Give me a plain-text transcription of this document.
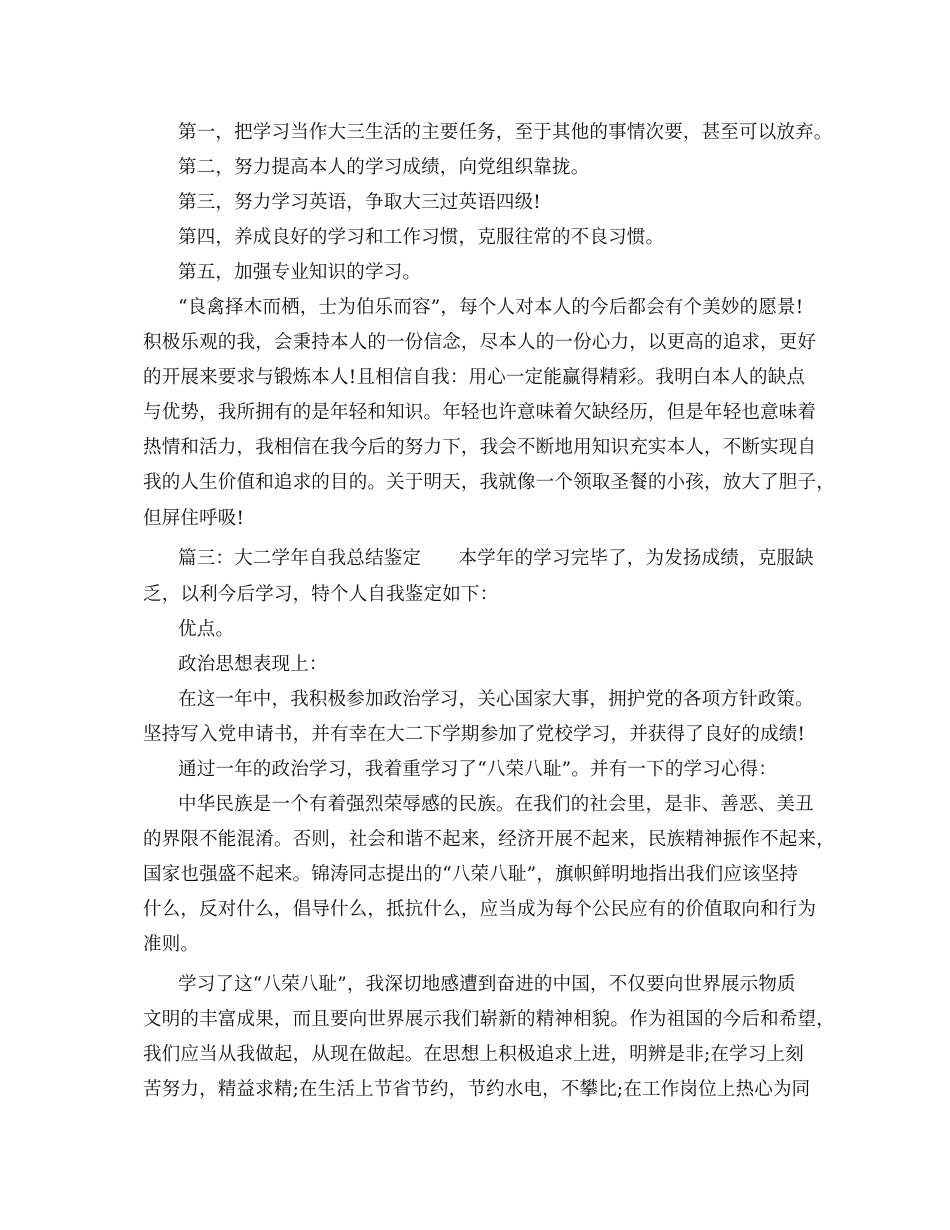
第一，把学习当作大三生活的主要任务，至于其他的事情次要，甚至可以放弃。
第二，努力提高本人的学习成绩，向党组织靠拢。
第三，努力学习英语，争取大三过英语四级!
第四，养成良好的学习和工作习惯，克服往常的不良习惯。
第五，加强专业知识的学习。
“良禽择木而栖，士为伯乐而容”，每个人对本人的今后都会有个美妙的愿景!
积极乐观的我，会秉持本人的一份信念，尽本人的一份心力，以更高的追求，更好
的开展来要求与锻炼本人!且相信自我：用心一定能赢得精彩。我明白本人的缺点
与优势，我所拥有的是年轻和知识。年轻也许意味着欠缺经历，但是年轻也意味着
热情和活力，我相信在我今后的努力下，我会不断地用知识充实本人，不断实现自
我的人生价值和追求的目的。关于明天，我就像一个领取圣餐的小孩，放大了胆子，
但屏住呼吸!
篇三：大二学年自我总结鉴定　　本学年的学习完毕了，为发扬成绩，克服缺
乏，以利今后学习，特个人自我鉴定如下：
优点。
政治思想表现上：
在这一年中，我积极参加政治学习，关心国家大事，拥护党的各项方针政策。
坚持写入党申请书，并有幸在大二下学期参加了党校学习，并获得了良好的成绩!
通过一年的政治学习，我着重学习了“八荣八耻”。并有一下的学习心得：
中华民族是一个有着强烈荣辱感的民族。在我们的社会里，是非、善恶、美丑
的界限不能混淆。否则，社会和谐不起来，经济开展不起来，民族精神振作不起来，
国家也强盛不起来。锦涛同志提出的“八荣八耻”，旗帜鲜明地指出我们应该坚持
什么，反对什么，倡导什么，抵抗什么，应当成为每个公民应有的价值取向和行为
准则。
学习了这“八荣八耻”，我深切地感遭到奋进的中国，不仅要向世界展示物质
文明的丰富成果，而且要向世界展示我们崭新的精神相貌。作为祖国的今后和希望，
我们应当从我做起，从现在做起。在思想上积极追求上进，明辨是非;在学习上刻
苦努力，精益求精;在生活上节省节约，节约水电，不攀比;在工作岗位上热心为同
